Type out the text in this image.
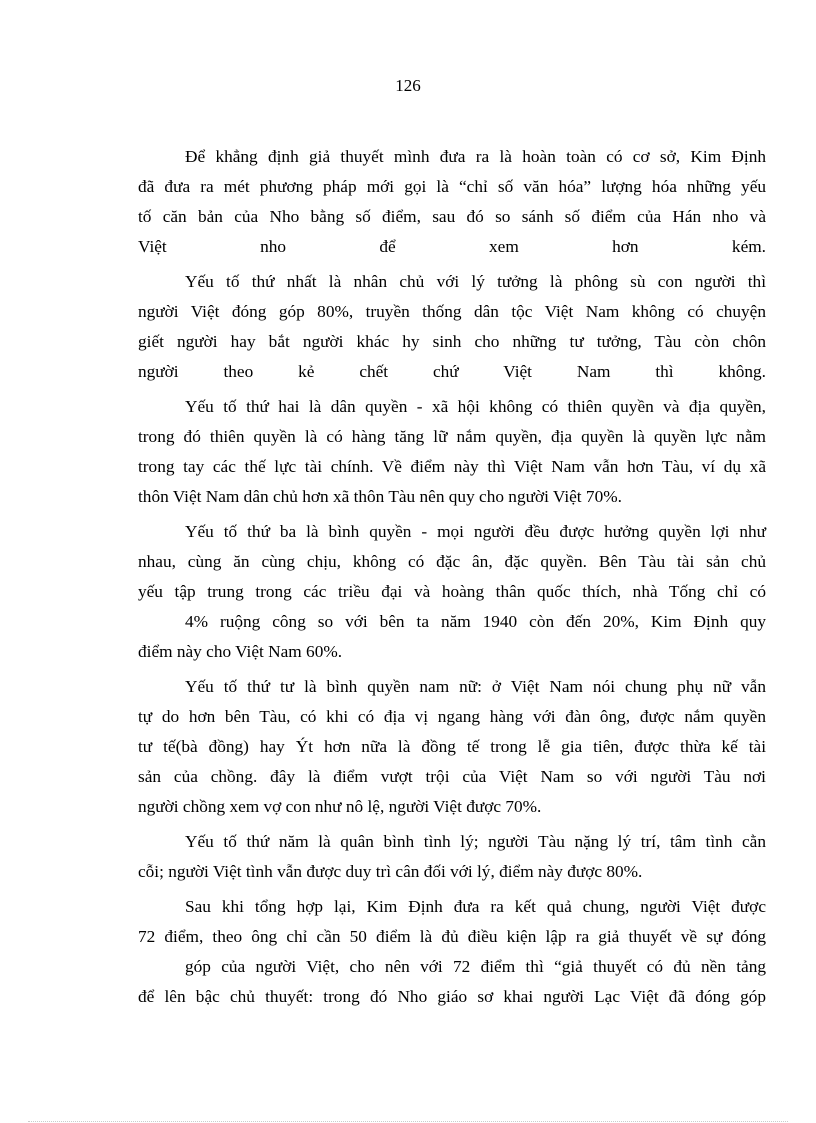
126

Để khẳng định giả thuyết mình đưa ra là hoàn toàn có cơ sở, Kim Định
đã đưa ra mét phương pháp mới gọi là “chỉ số văn hóa” lượng hóa những yếu
tố căn bản của Nho bằng số điểm, sau đó so sánh số điểm của Hán nho và
Việt nho để xem hơn kém.

Yếu tố thứ nhất là nhân chủ với lý tưởng là phông sù con người thì
người Việt đóng góp 80%, truyền thống dân tộc Việt Nam không có chuyện
giết người hay bắt người khác hy sinh cho những tư tưởng, Tàu còn chôn
người theo kẻ chết chứ Việt Nam thì không.

Yếu tố thứ hai là dân quyền - xã hội không có thiên quyền và địa quyền,
trong đó thiên quyền là có hàng tăng lữ nắm quyền, địa quyền là quyền lực nằm
trong tay các thế lực tài chính. Về điểm này thì Việt Nam vẫn hơn Tàu, ví dụ xã
thôn Việt Nam dân chủ hơn xã thôn Tàu nên quy cho người Việt 70%.

Yếu tố thứ ba là bình quyền - mọi người đều được hưởng quyền lợi như
nhau, cùng ăn cùng chịu, không có đặc ân, đặc quyền. Bên Tàu tài sản chủ
yếu tập trung trong các triều đại và hoàng thân quốc thích, nhà Tống chỉ có
4% ruộng công so với bên ta năm 1940 còn đến 20%, Kim Định quy
điểm này cho Việt Nam 60%.

Yếu tố thứ tư là bình quyền nam nữ: ở Việt Nam nói chung phụ nữ vẫn
tự do hơn bên Tàu, có khi có địa vị ngang hàng với đàn ông, được nắm quyền
tư tế(bà đồng) hay Ýt hơn nữa là đồng tế trong lễ gia tiên, được thừa kế tài
sản của chồng. đây là điểm vượt trội của Việt Nam so với người Tàu nơi
người chồng xem vợ con như nô lệ, người Việt được 70%.

Yếu tố thứ năm là quân bình tình lý; người Tàu nặng lý trí, tâm tình cằn
cỗi; người Việt tình vẫn được duy trì cân đối với lý, điểm này được 80%.

Sau khi tổng hợp lại, Kim Định đưa ra kết quả chung, người Việt được
72 điểm, theo ông chỉ cần 50 điểm là đủ điều kiện lập ra giả thuyết về sự đóng
góp của người Việt, cho nên với 72 điểm thì “giả thuyết có đủ nền tảng
để lên bậc chủ thuyết: trong đó Nho giáo sơ khai người Lạc Việt đã đóng góp
